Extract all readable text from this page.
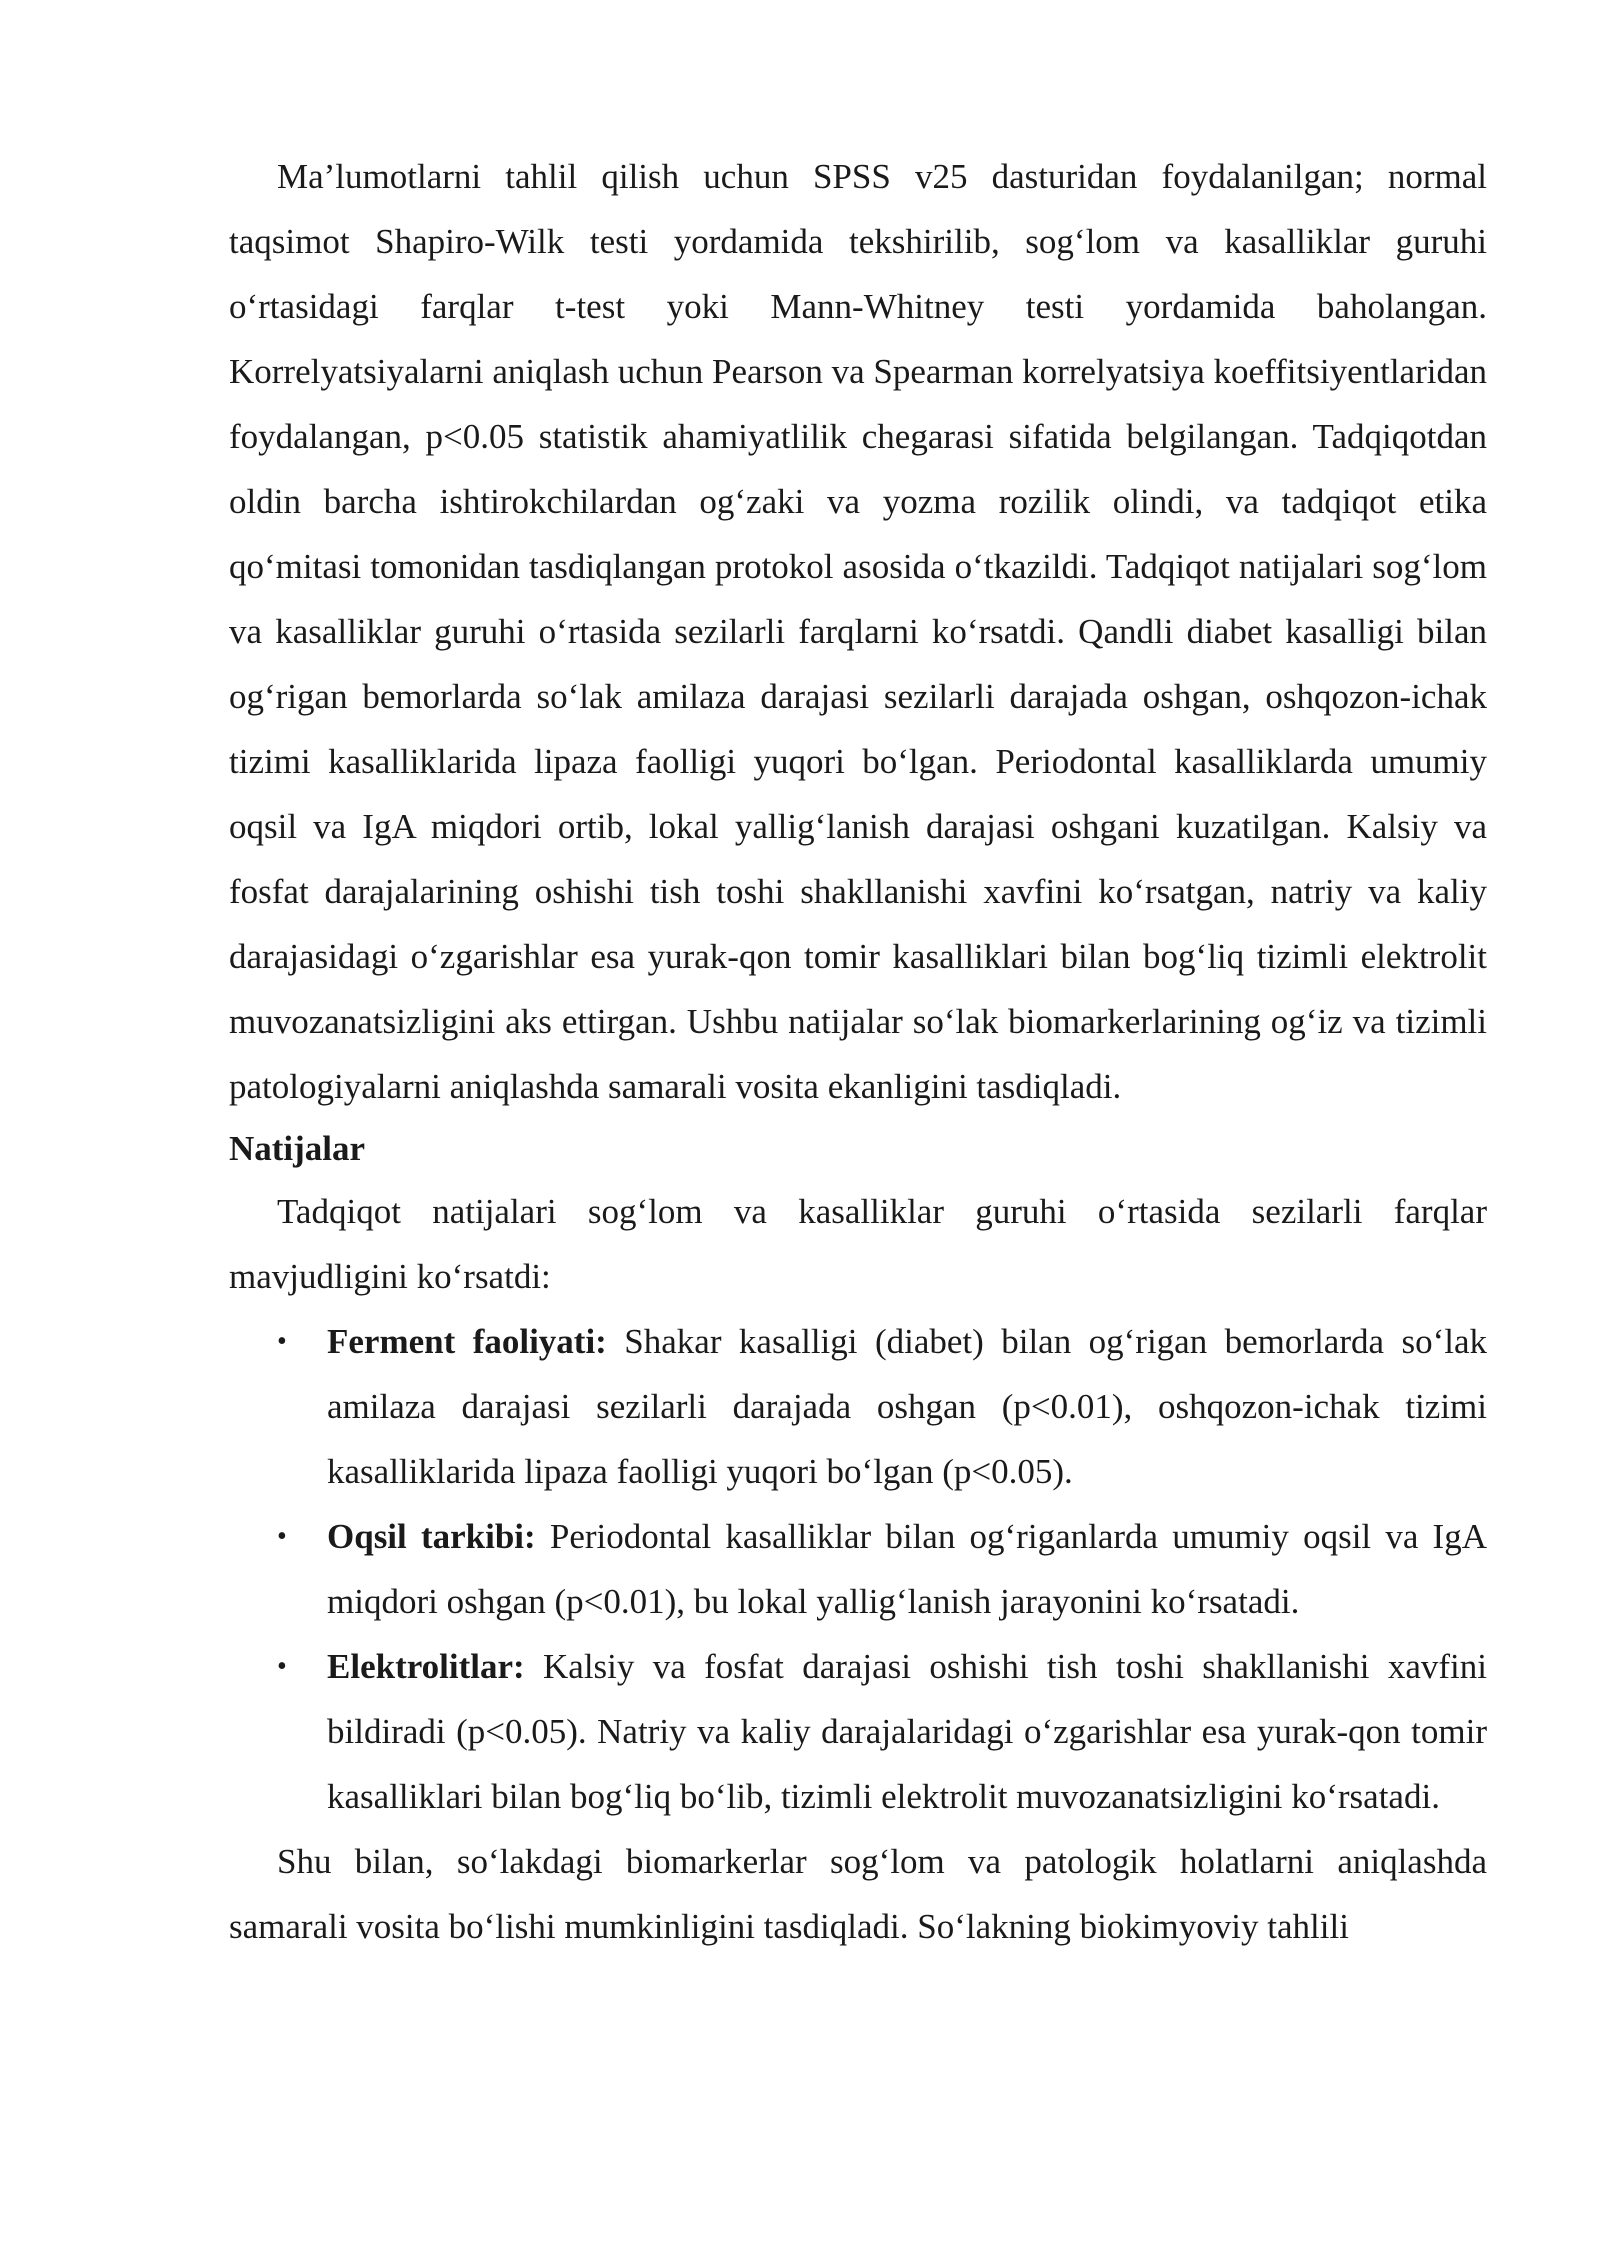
Ma’lumotlarni tahlil qilish uchun SPSS v25 dasturidan foydalanilgan; normal taqsimot Shapiro-Wilk testi yordamida tekshirilib, sog‘lom va kasalliklar guruhi o‘rtasidagi farqlar t-test yoki Mann-Whitney testi yordamida baholangan. Korrelyatsiyalarni aniqlash uchun Pearson va Spearman korrelyatsiya koeffitsiyentlaridan foydalangan, p<0.05 statistik ahamiyatlilik chegarasi sifatida belgilangan. Tadqiqotdan oldin barcha ishtirokchilardan og‘zaki va yozma rozilik olindi, va tadqiqot etika qo‘mitasi tomonidan tasdiqlangan protokol asosida o‘tkazildi. Tadqiqot natijalari sog‘lom va kasalliklar guruhi o‘rtasida sezilarli farqlarni ko‘rsatdi. Qandli diabet kasalligi bilan og‘rigan bemorlarda so‘lak amilaza darajasi sezilarli darajada oshgan, oshqozon-ichak tizimi kasalliklarida lipaza faolligi yuqori bo‘lgan. Periodontal kasalliklarda umumiy oqsil va IgA miqdori ortib, lokal yallig‘lanish darajasi oshgani kuzatilgan. Kalsiy va fosfat darajalarining oshishi tish toshi shakllanishi xavfini ko‘rsatgan, natriy va kaliy darajasidagi o‘zgarishlar esa yurak-qon tomir kasalliklari bilan bog‘liq tizimli elektrolit muvozanatsizligini aks ettirgan. Ushbu natijalar so‘lak biomarkerlarining og‘iz va tizimli patologiyalarni aniqlashda samarali vosita ekanligini tasdiqladi.

Natijalar

Tadqiqot natijalari sog‘lom va kasalliklar guruhi o‘rtasida sezilarli farqlar mavjudligini ko‘rsatdi:

• Ferment faoliyati: Shakar kasalligi (diabet) bilan og‘rigan bemorlarda so‘lak amilaza darajasi sezilarli darajada oshgan (p<0.01), oshqozon-ichak tizimi kasalliklarida lipaza faolligi yuqori bo‘lgan (p<0.05).
• Oqsil tarkibi: Periodontal kasalliklar bilan og‘riganlarda umumiy oqsil va IgA miqdori oshgan (p<0.01), bu lokal yallig‘lanish jarayonini ko‘rsatadi.
• Elektrolitlar: Kalsiy va fosfat darajasi oshishi tish toshi shakllanishi xavfini bildiradi (p<0.05). Natriy va kaliy darajalaridagi o‘zgarishlar esa yurak-qon tomir kasalliklari bilan bog‘liq bo‘lib, tizimli elektrolit muvozanatsizligini ko‘rsatadi.

Shu bilan, so‘lakdagi biomarkerlar sog‘lom va patologik holatlarni aniqlashda samarali vosita bo‘lishi mumkinligini tasdiqladi. So‘lakning biokimyoviy tahlili
